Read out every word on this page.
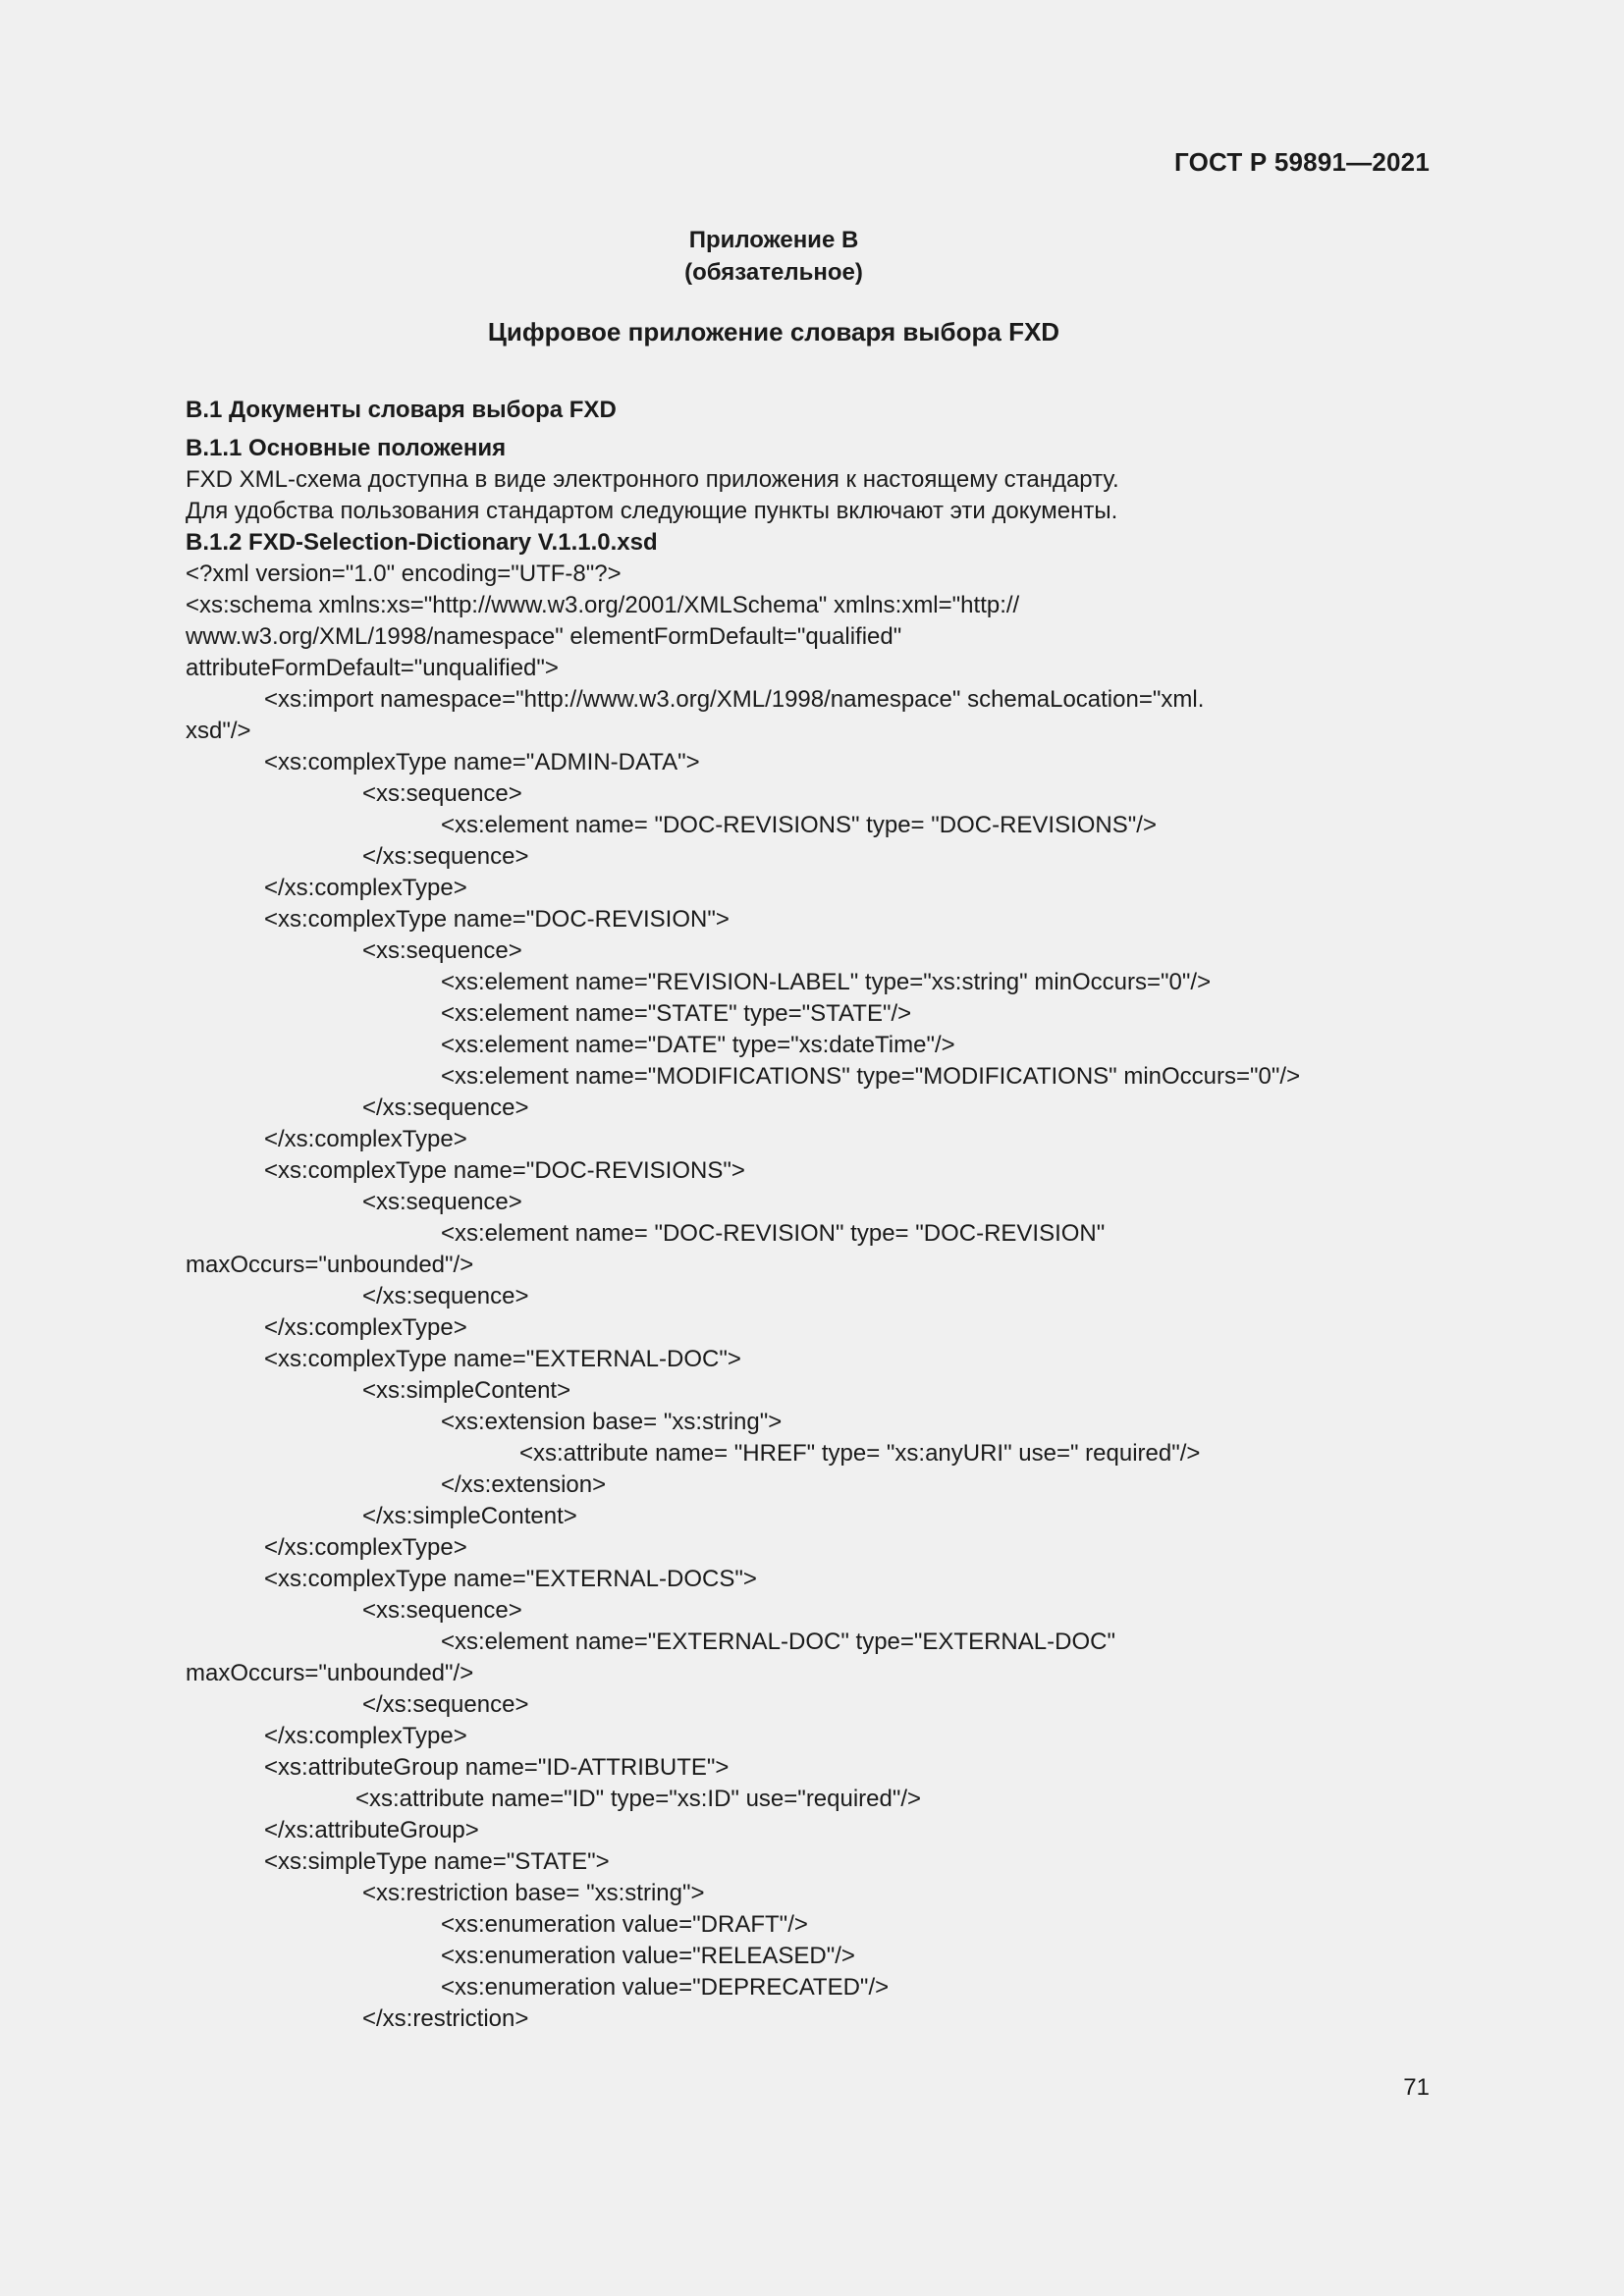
ГОСТ Р 59891—2021
Приложение В
(обязательное)
Цифровое приложение словаря выбора FXD
В.1 Документы словаря выбора FXD
В.1.1 Основные положения
FXD XML-схема доступна в виде электронного приложения к настоящему стандарту.
Для удобства пользования стандартом следующие пункты включают эти документы.
В.1.2 FXD-Selection-Dictionary V.1.1.0.xsd
<?xml version="1.0" encoding="UTF-8"?>
<xs:schema xmlns:xs="http://www.w3.org/2001/XMLSchema" xmlns:xml="http://
www.w3.org/XML/1998/namespace" elementFormDefault="qualified"
attributeFormDefault="unqualified">
<xs:import namespace="http://www.w3.org/XML/1998/namespace" schemaLocation="xml.
xsd"/>
<xs:complexType name="ADMIN-DATA">
<xs:sequence>
<xs:element name= "DOC-REVISIONS" type= "DOC-REVISIONS"/>
</xs:sequence>
</xs:complexType>
<xs:complexType name="DOC-REVISION">
<xs:sequence>
<xs:element name="REVISION-LABEL" type="xs:string" minOccurs="0"/>
<xs:element name="STATE" type="STATE"/>
<xs:element name="DATE" type="xs:dateTime"/>
<xs:element name="MODIFICATIONS" type="MODIFICATIONS" minOccurs="0"/>
</xs:sequence>
</xs:complexType>
<xs:complexType name="DOC-REVISIONS">
<xs:sequence>
<xs:element name= "DOC-REVISION" type= "DOC-REVISION"
maxOccurs="unbounded"/>
</xs:sequence>
</xs:complexType>
<xs:complexType name="EXTERNAL-DOC">
<xs:simpleContent>
<xs:extension base= "xs:string">
<xs:attribute name= "HREF" type= "xs:anyURI" use=" required"/>
</xs:extension>
</xs:simpleContent>
</xs:complexType>
<xs:complexType name="EXTERNAL-DOCS">
<xs:sequence>
<xs:element name="EXTERNAL-DOC" type="EXTERNAL-DOC"
maxOccurs="unbounded"/>
</xs:sequence>
</xs:complexType>
<xs:attributeGroup name="ID-ATTRIBUTE">
<xs:attribute name="ID" type="xs:ID" use="required"/>
</xs:attributeGroup>
<xs:simpleType name="STATE">
<xs:restriction base= "xs:string">
<xs:enumeration value="DRAFT"/>
<xs:enumeration value="RELEASED"/>
<xs:enumeration value="DEPRECATED"/>
</xs:restriction>
71
